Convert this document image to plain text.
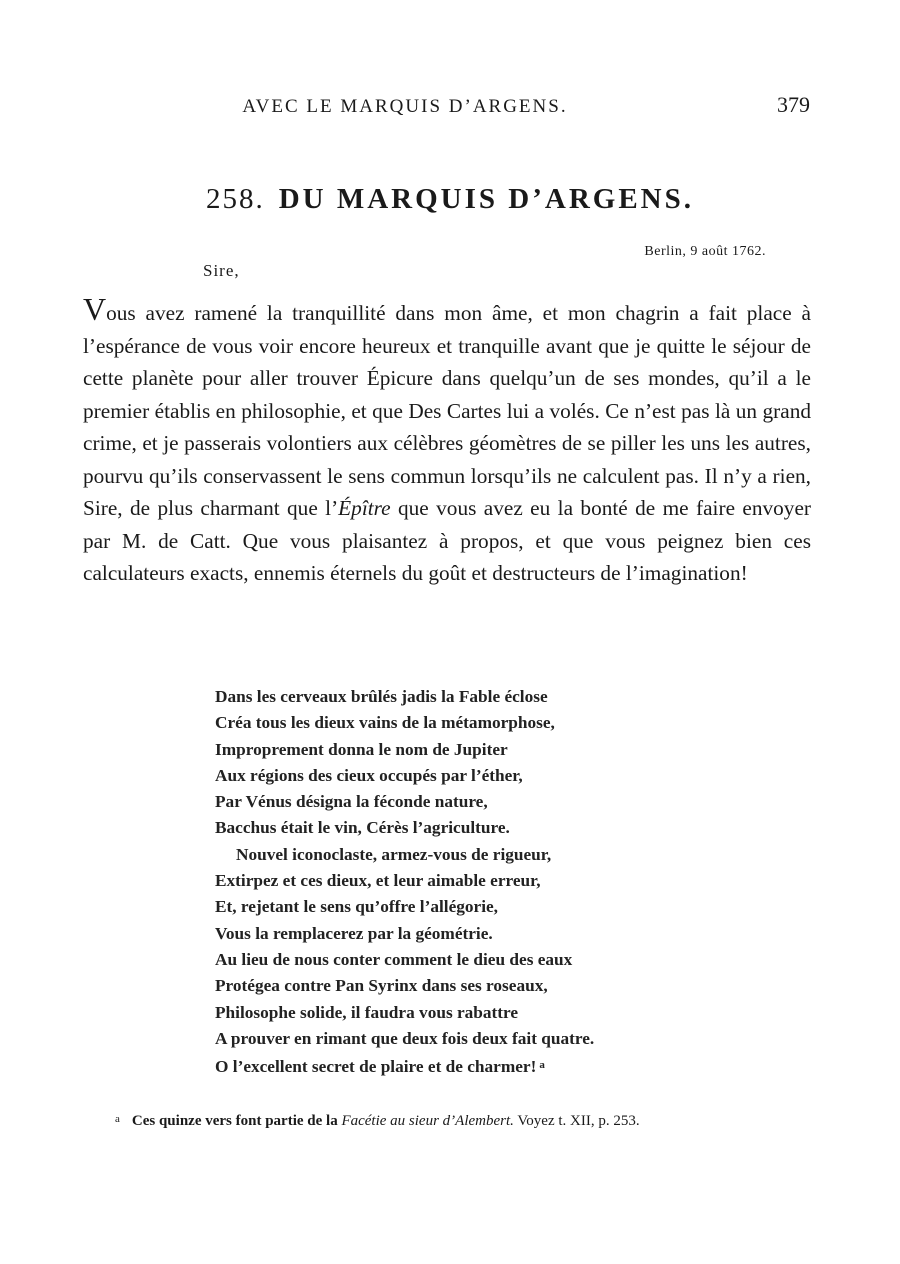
AVEC LE MARQUIS D’ARGENS.	379
258. DU MARQUIS D’ARGENS.
Berlin, 9 août 1762.
Sire,

Vous avez ramené la tranquillité dans mon âme, et mon chagrin a fait place à l’espérance de vous voir encore heureux et tranquille avant que je quitte le séjour de cette planète pour aller trouver Épicure dans quelqu’un de ses mondes, qu’il a le premier établis en philosophie, et que Des Cartes lui a volés. Ce n’est pas là un grand crime, et je passerais volontiers aux célèbres géomètres de se piller les uns les autres, pourvu qu’ils conservassent le sens commun lorsqu’ils ne calculent pas. Il n’y a rien, Sire, de plus charmant que l’Épître que vous avez eu la bonté de me faire envoyer par M. de Catt. Que vous plaisantez à propos, et que vous peignez bien ces calculateurs exacts, ennemis éternels du goût et destructeurs de l’imagination!

Dans les cerveaux brûlés jadis la Fable éclose
Créa tous les dieux vains de la métamorphose,
Improprement donna le nom de Jupiter
Aux régions des cieux occupés par l’éther,
Par Vénus désigna la féconde nature,
Bacchus était le vin, Cérès l’agriculture.
Nouvel iconoclaste, armez-vous de rigueur,
Extirpez et ces dieux, et leur aimable erreur,
Et, rejetant le sens qu’offre l’allégorie,
Vous la remplacerez par la géométrie.
Au lieu de nous conter comment le dieu des eaux
Protégea contre Pan Syrinx dans ses roseaux,
Philosophe solide, il faudra vous rabattre
A prouver en rimant que deux fois deux fait quatre.
O l’excellent secret de plaire et de charmer! $^a$
$^a$ Ces quinze vers font partie de la Facétie au sieur d’Alembert. Voyez t. XII, p. 253.
